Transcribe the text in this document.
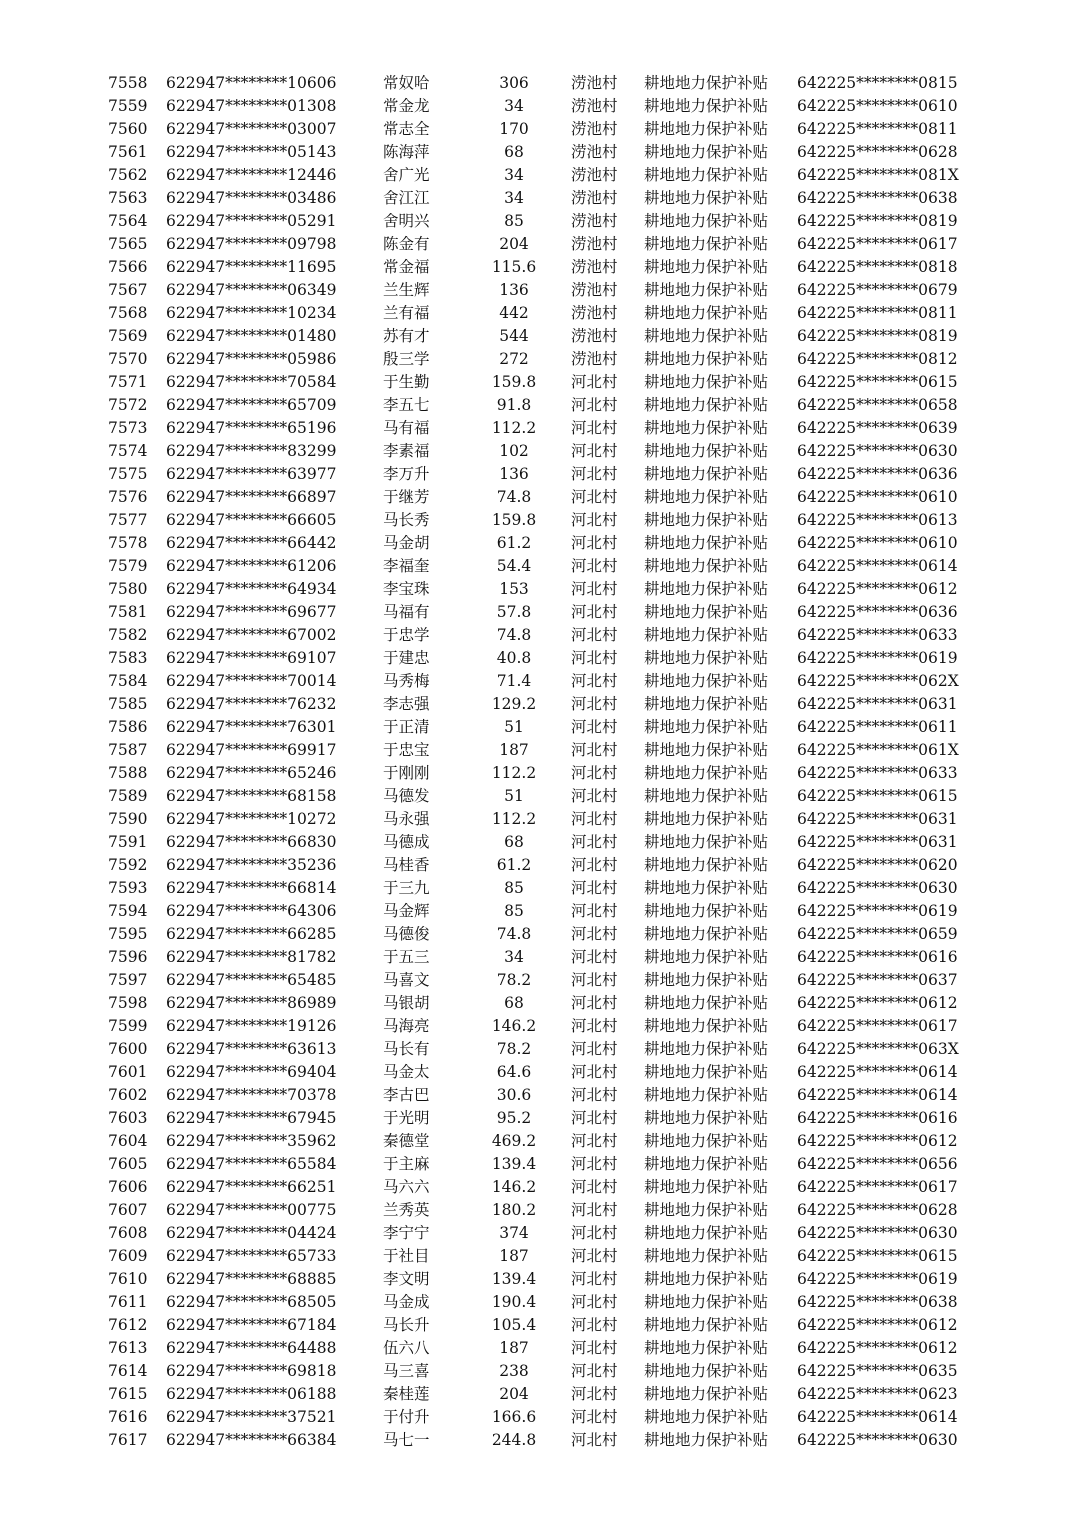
7558 622947********10606	常奴哈	306	涝池村 耕地地力保护补贴 642225********0815
7559 622947********01308	常金龙	34	涝池村 耕地地力保护补贴 642225********0610
7560 622947********03007	常志全	170	涝池村 耕地地力保护补贴 642225********0811
7561 622947********05143	陈海萍	68	涝池村 耕地地力保护补贴 642225********0628
7562 622947********12446	舍广光	34	涝池村 耕地地力保护补贴 642225********081X
7563 622947********03486	舍江江	34	涝池村 耕地地力保护补贴 642225********0638
7564 622947********05291	舍明兴	85	涝池村 耕地地力保护补贴 642225********0819
7565 622947********09798	陈金有	204	涝池村 耕地地力保护补贴 642225********0617
7566 622947********11695	常金福	115.6 涝池村 耕地地力保护补贴 642225********0818
7567 622947********06349	兰生辉	136	涝池村 耕地地力保护补贴 642225********0679
7568 622947********10234	兰有福	442	涝池村 耕地地力保护补贴 642225********0811
7569 622947********01480	苏有才	544	涝池村 耕地地力保护补贴 642225********0819
7570 622947********05986	殷三学	272	涝池村 耕地地力保护补贴 642225********0812
7571 622947********70584	于生勤	159.8 河北村 耕地地力保护补贴 642225********0615
7572 622947********65709	李五七	91.8	河北村 耕地地力保护补贴 642225********0658
7573 622947********65196	马有福	112.2 河北村 耕地地力保护补贴 642225********0639
7574 622947********83299	李素福	102	河北村 耕地地力保护补贴 642225********0630
7575 622947********63977	李万升	136	河北村 耕地地力保护补贴 642225********0636
7576 622947********66897	于继芳	74.8	河北村 耕地地力保护补贴 642225********0610
7577 622947********66605	马长秀	159.8 河北村 耕地地力保护补贴 642225********0613
7578 622947********66442	马金胡	61.2	河北村 耕地地力保护补贴 642225********0610
7579 622947********61206	李福奎	54.4	河北村 耕地地力保护补贴 642225********0614
7580 622947********64934	李宝珠	153	河北村 耕地地力保护补贴 642225********0612
7581 622947********69677	马福有	57.8	河北村 耕地地力保护补贴 642225********0636
7582 622947********67002	于忠学	74.8	河北村 耕地地力保护补贴 642225********0633
7583 622947********69107	于建忠	40.8	河北村 耕地地力保护补贴 642225********0619
7584 622947********70014	马秀梅	71.4	河北村 耕地地力保护补贴 642225********062X
7585 622947********76232	李志强	129.2 河北村 耕地地力保护补贴 642225********0631
7586 622947********76301	于正清	51	河北村 耕地地力保护补贴 642225********0611
7587 622947********69917	于忠宝	187	河北村 耕地地力保护补贴 642225********061X
7588 622947********65246	于刚刚	112.2 河北村 耕地地力保护补贴 642225********0633
7589 622947********68158	马德发	51	河北村 耕地地力保护补贴 642225********0615
7590 622947********10272	马永强	112.2 河北村 耕地地力保护补贴 642225********0631
7591 622947********66830	马德成	68	河北村 耕地地力保护补贴 642225********0631
7592 622947********35236	马桂香	61.2	河北村 耕地地力保护补贴 642225********0620
7593 622947********66814	于三九	85	河北村 耕地地力保护补贴 642225********0630
7594 622947********64306	马金辉	85	河北村 耕地地力保护补贴 642225********0619
7595 622947********66285	马德俊	74.8	河北村 耕地地力保护补贴 642225********0659
7596 622947********81782	于五三	34	河北村 耕地地力保护补贴 642225********0616
7597 622947********65485	马喜文	78.2	河北村 耕地地力保护补贴 642225********0637
7598 622947********86989	马银胡	68	河北村 耕地地力保护补贴 642225********0612
7599 622947********19126	马海亮	146.2 河北村 耕地地力保护补贴 642225********0617
7600 622947********63613	马长有	78.2	河北村 耕地地力保护补贴 642225********063X
7601 622947********69404	马金太	64.6	河北村 耕地地力保护补贴 642225********0614
7602 622947********70378	李古巴	30.6	河北村 耕地地力保护补贴 642225********0614
7603 622947********67945	于光明	95.2	河北村 耕地地力保护补贴 642225********0616
7604 622947********35962	秦德堂	469.2 河北村 耕地地力保护补贴 642225********0612
7605 622947********65584	于主麻	139.4 河北村 耕地地力保护补贴 642225********0656
7606 622947********66251	马六六	146.2 河北村 耕地地力保护补贴 642225********0617
7607 622947********00775	兰秀英	180.2 河北村 耕地地力保护补贴 642225********0628
7608 622947********04424	李宁宁	374	河北村 耕地地力保护补贴 642225********0630
7609 622947********65733	于社目	187	河北村 耕地地力保护补贴 642225********0615
7610 622947********68885	李文明	139.4 河北村 耕地地力保护补贴 642225********0619
7611 622947********68505	马金成	190.4 河北村 耕地地力保护补贴 642225********0638
7612 622947********67184	马长升	105.4 河北村 耕地地力保护补贴 642225********0612
7613 622947********64488	伍六八	187	河北村 耕地地力保护补贴 642225********0612
7614 622947********69818	马三喜	238	河北村 耕地地力保护补贴 642225********0635
7615 622947********06188	秦桂莲	204	河北村 耕地地力保护补贴 642225********0623
7616 622947********37521	于付升	166.6 河北村 耕地地力保护补贴 642225********0614
7617 622947********66384	马七一	244.8 河北村 耕地地力保护补贴 642225********0630
